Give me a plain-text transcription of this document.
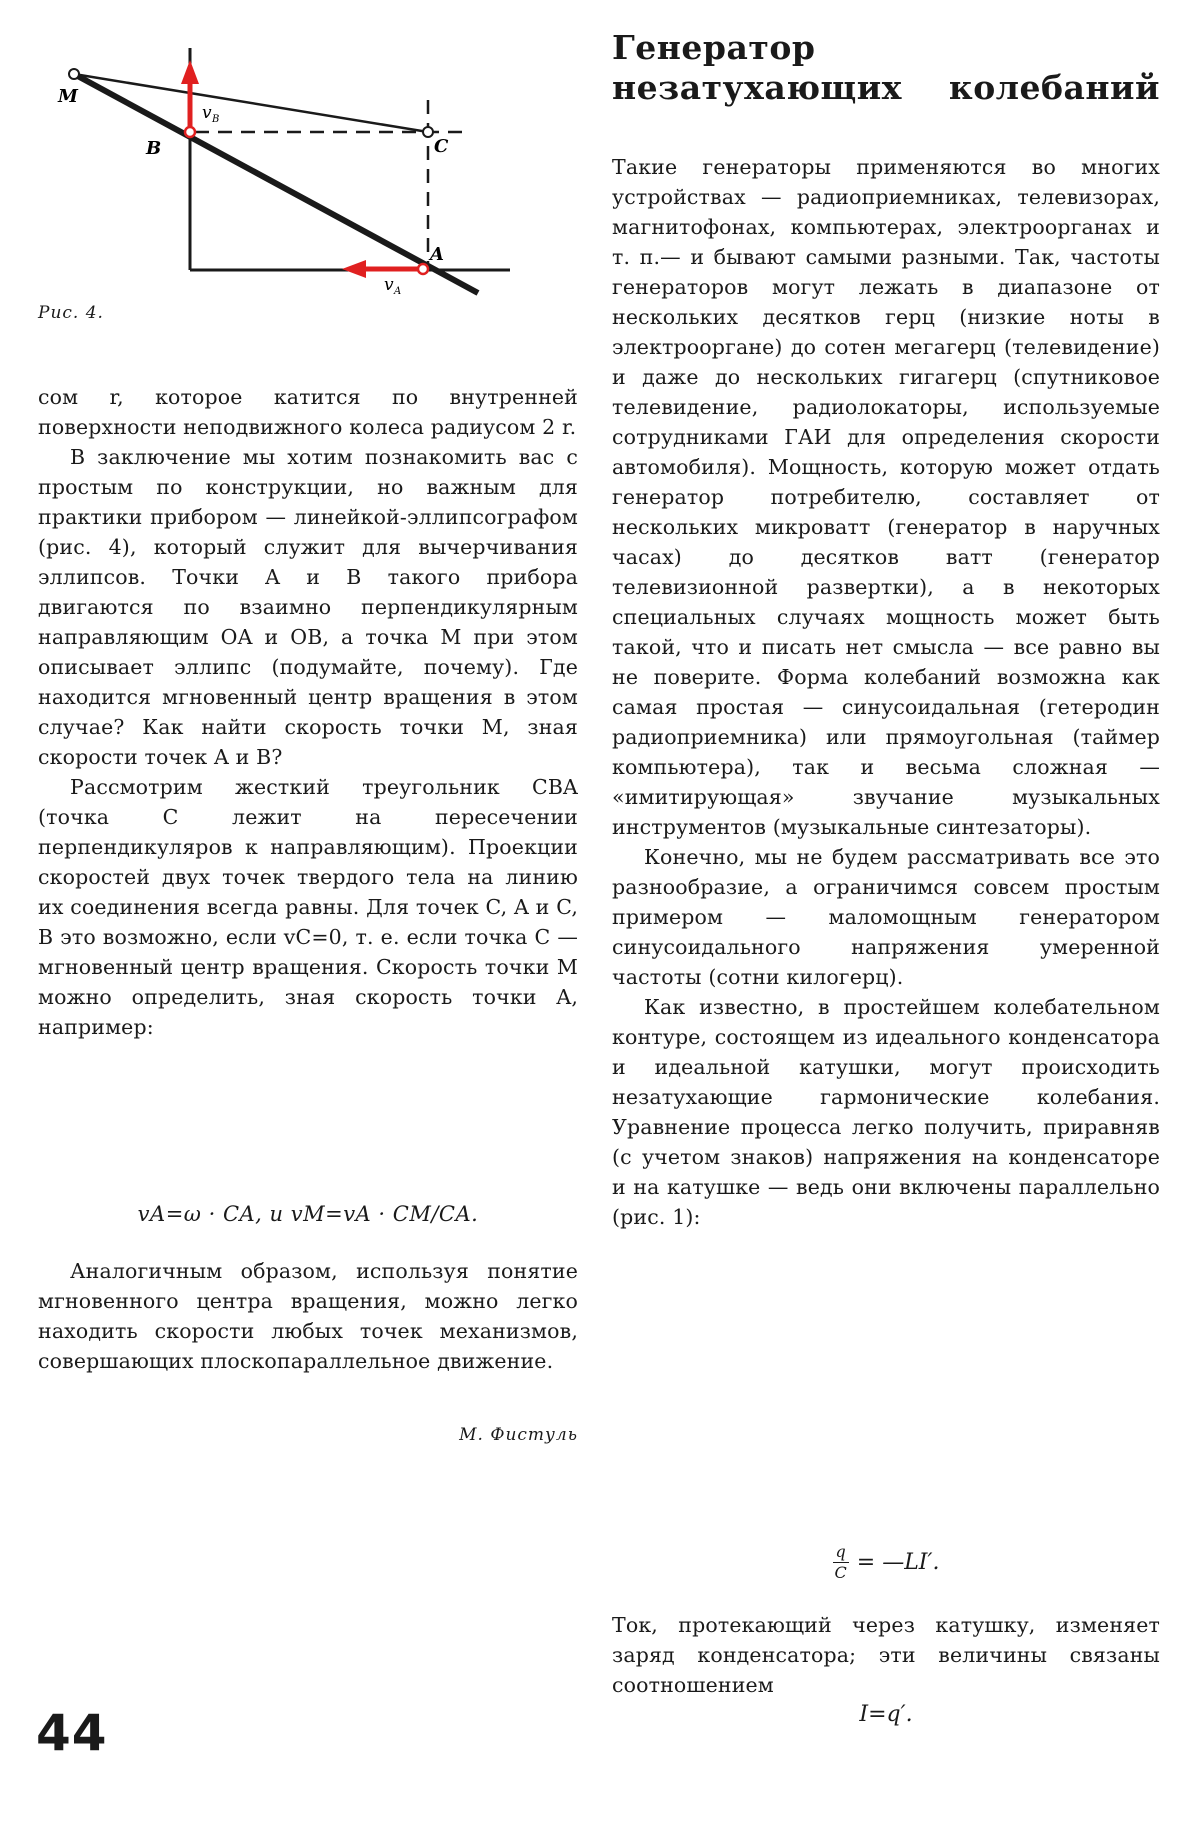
M
B	C
A
v B
v A
Рис. 4.

сом r, которое катится по внутренней поверхности неподвижного колеса радиусом 2 r.

В заключение мы хотим познакомить вас с простым по конструкции, но важным для практики прибором — линейкой-эллипсографом (рис. 4), который служит для вычерчивания эллипсов. Точки A и B такого прибора двигаются по взаимно перпендикулярным направляющим OA и OB, а точка M при этом описывает эллипс (подумайте, почему). Где находится мгновенный центр вращения в этом случае? Как найти скорость точки M, зная скорости точек A и B?

Рассмотрим жесткий треугольник CBA (точка C лежит на пересечении перпендикуляров к направляющим). Проекции скоростей двух точек твердого тела на линию их соединения всегда равны. Для точек C, A и C, B это возможно, если vC=0, т. е. если точка C — мгновенный центр вращения. Скорость точки M можно определить, зная скорость точки A, например:

vA=ω · CA, и vM=vA · CM/CA.

Аналогичным образом, используя понятие мгновенного центра вращения, можно легко находить скорости любых точек механизмов, совершающих плоскопараллельное движение.

М. Фистуль
44
Генератор
незатухающих колебаний

Такие генераторы применяются во многих устройствах — радиоприемниках, телевизорах, магнитофонах, компьютерах, электроорганах и т. п.— и бывают самыми разными. Так, частоты генераторов могут лежать в диапазоне от нескольких десятков герц (низкие ноты в электрооргане) до сотен мегагерц (телевидение) и даже до нескольких гигагерц (спутниковое телевидение, радиолокаторы, используемые сотрудниками ГАИ для определения скорости автомобиля). Мощность, которую может отдать генератор потребителю, составляет от нескольких микроватт (генератор в наручных часах) до десятков ватт (генератор телевизионной развертки), а в некоторых специальных случаях мощность может быть такой, что и писать нет смысла — все равно вы не поверите. Форма колебаний возможна как самая простая — синусоидальная (гетеродин радиоприемника) или прямоугольная (таймер компьютера), так и весьма сложная — «имитирующая» звучание музыкальных инструментов (музыкальные синтезаторы).

Конечно, мы не будем рассматривать все это разнообразие, а ограничимся совсем простым примером — маломощным генератором синусоидального напряжения умеренной частоты (сотни килогерц).

Как известно, в простейшем колебательном контуре, состоящем из идеального конденсатора и идеальной катушки, могут происходить незатухающие гармонические колебания. Уравнение процесса легко получить, приравняв (с учетом знаков) напряжения на конденсаторе и на катушке — ведь они включены параллельно (рис. 1):

$\frac{q}{C}$ = —LI′.

Ток, протекающий через катушку, изменяет заряд конденсатора; эти величины связаны соотношением

I=q′.
